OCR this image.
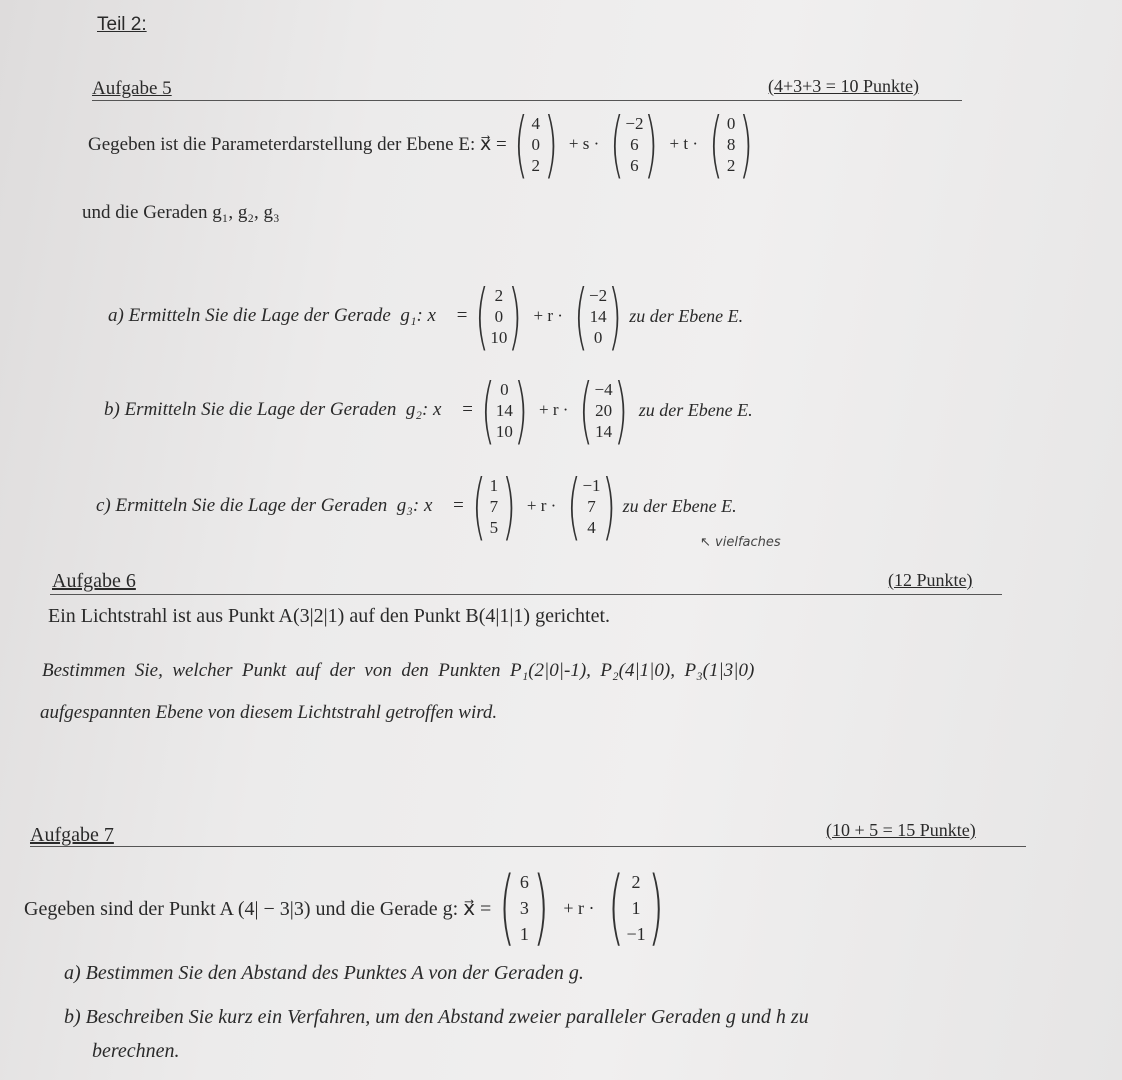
Teil 2:
Aufgabe 5	(4+3+3 = 10 Punkte)
Gegeben ist die Parameterdarstellung der Ebene E: x⃗ = ( 4
0
2 ) + s · ( −2
6
6 ) + t · ( 0
8
2 )
und die Geraden g₁, g₂, g₃
a) Ermitteln Sie die Lage der Gerade
g₁: x⃗ = ( 2
0
10 ) + r · ( −2
14
0 ) zu der Ebene E.
b) Ermitteln Sie die Lage der Geraden
g₂: x⃗ = ( 0
14
10 ) + r · ( −4
20
14 ) zu der Ebene E.
c) Ermitteln Sie die Lage der Geraden
g₃: x⃗ = ( 1
7
5 ) + r · ( −1
7
4 ) zu der Ebene E.
↖ vielfaches
Aufgabe 6	(12 Punkte)
Ein Lichtstrahl ist aus Punkt A(3|2|1) auf den Punkt B(4|1|1) gerichtet.
Bestimmen  Sie,  welcher  Punkt  auf  der  von  den  Punkten  P₁(2|0|-1),  P₂(4|1|0),  P₃(1|3|0)
aufgespannten Ebene von diesem Lichtstrahl getroffen wird.
Aufgabe 7	(10 + 5 = 15 Punkte)
Gegeben sind der Punkt A (4| − 3|3) und die Gerade g: x⃗ = ( 6
3
1 ) + r · ( 2
1
−1 )
a) Bestimmen Sie den Abstand des Punktes A von der Geraden g.
b) Beschreiben Sie kurz ein Verfahren, um den Abstand zweier paralleler Geraden g und h zu
berechnen.
